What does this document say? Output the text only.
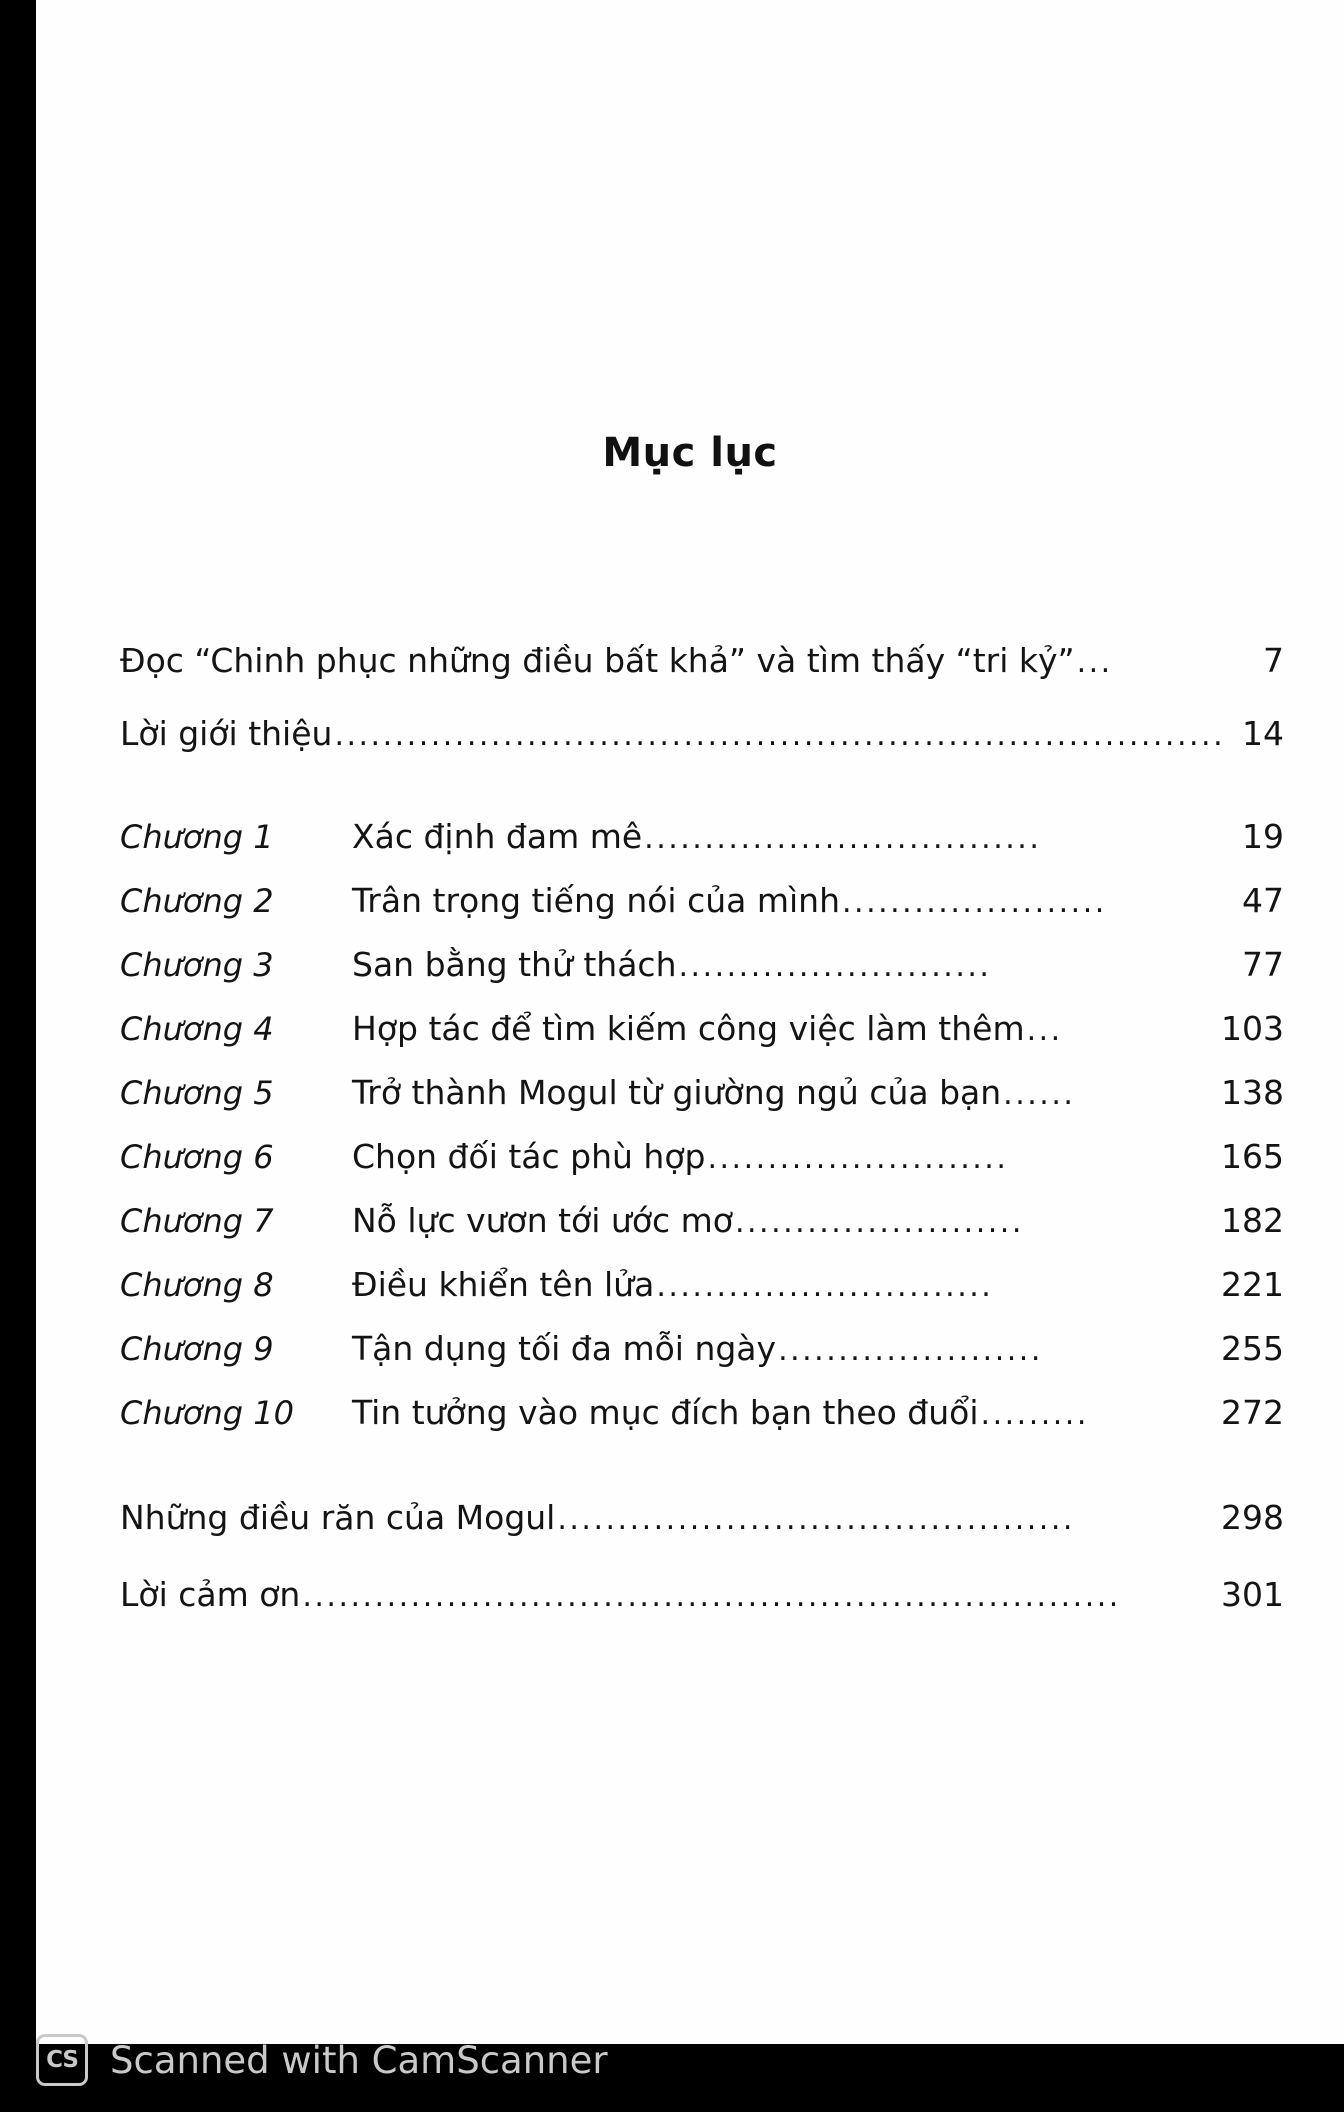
Mục lục
Đọc “Chinh phục những điều bất khả” và tìm thấy “tri kỷ” ...	7
Lời giới thiệu .......................................................................... 14
Chương 1	Xác định đam mê .................................	19
Chương 2	Trân trọng tiếng nói của mình ......................	47
Chương 3	San bằng thử thách ..........................	77
Chương 4	Hợp tác để tìm kiếm công việc làm thêm ...	103
Chương 5	Trở thành Mogul từ giường ngủ của bạn ......	138
Chương 6	Chọn đối tác phù hợp .........................	165
Chương 7	Nỗ lực vươn tới ước mơ ........................	182
Chương 8	Điều khiển tên lửa ............................	221
Chương 9	Tận dụng tối đa mỗi ngày ......................	255
Chương 10	Tin tưởng vào mục đích bạn theo đuổi .........	272
Những điều răn của Mogul ...........................................	298
Lời cảm ơn ....................................................................	301
CS Scanned with CamScanner
